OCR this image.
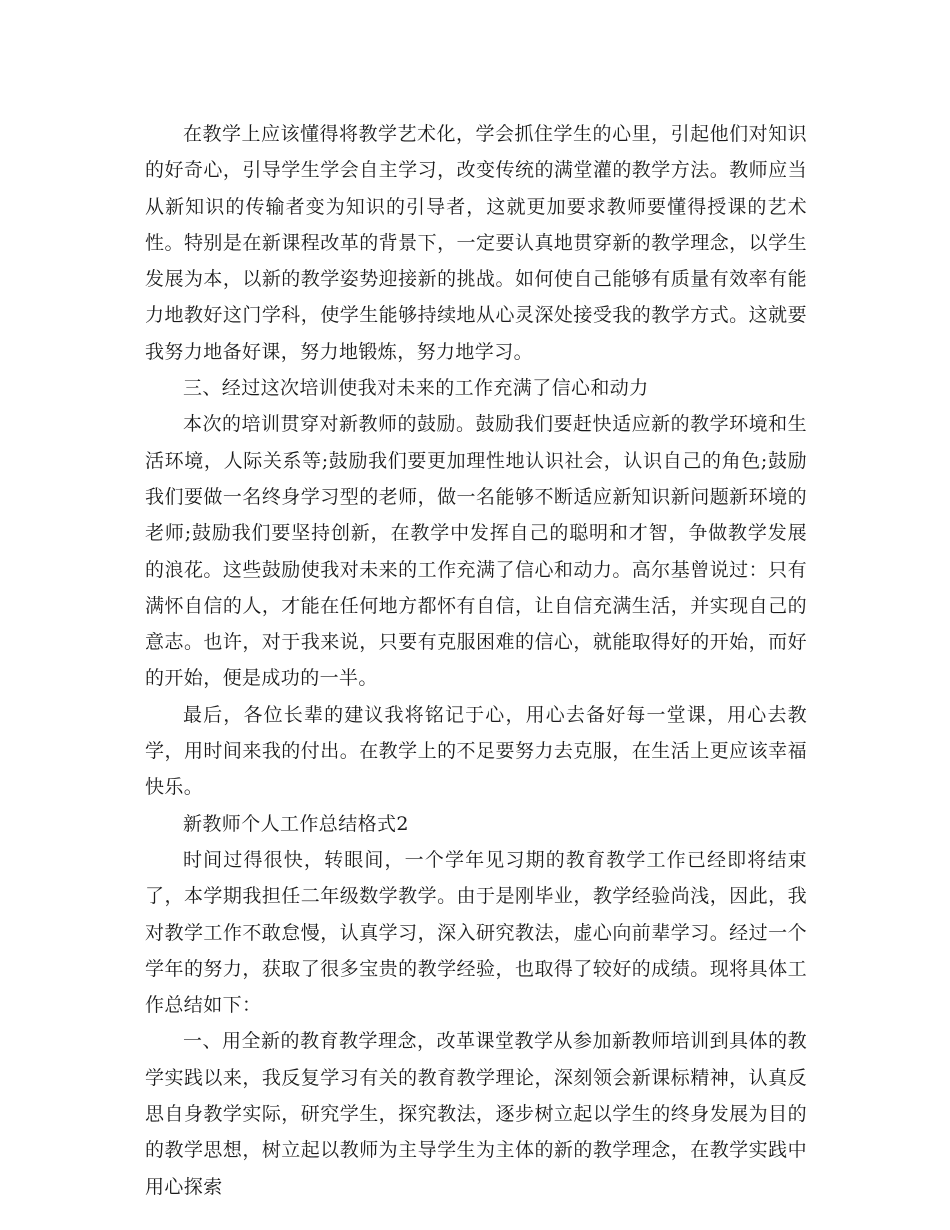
在教学上应该懂得将教学艺术化，学会抓住学生的心里，引起他们对知识的好奇心，引导学生学会自主学习，改变传统的满堂灌的教学方法。教师应当从新知识的传输者变为知识的引导者，这就更加要求教师要懂得授课的艺术性。特别是在新课程改革的背景下，一定要认真地贯穿新的教学理念，以学生发展为本，以新的教学姿势迎接新的挑战。如何使自己能够有质量有效率有能力地教好这门学科，使学生能够持续地从心灵深处接受我的教学方式。这就要我努力地备好课，努力地锻炼，努力地学习。

三、经过这次培训使我对未来的工作充满了信心和动力

本次的培训贯穿对新教师的鼓励。鼓励我们要赶快适应新的教学环境和生活环境，人际关系等;鼓励我们要更加理性地认识社会，认识自己的角色;鼓励我们要做一名终身学习型的老师，做一名能够不断适应新知识新问题新环境的老师;鼓励我们要坚持创新，在教学中发挥自己的聪明和才智，争做教学发展的浪花。这些鼓励使我对未来的工作充满了信心和动力。高尔基曾说过：只有满怀自信的人，才能在任何地方都怀有自信，让自信充满生活，并实现自己的意志。也许，对于我来说，只要有克服困难的信心，就能取得好的开始，而好的开始，便是成功的一半。

最后，各位长辈的建议我将铭记于心，用心去备好每一堂课，用心去教学，用时间来我的付出。在教学上的不足要努力去克服，在生活上更应该幸福快乐。

新教师个人工作总结格式2

时间过得很快，转眼间，一个学年见习期的教育教学工作已经即将结束了，本学期我担任二年级数学教学。由于是刚毕业，教学经验尚浅，因此，我对教学工作不敢怠慢，认真学习，深入研究教法，虚心向前辈学习。经过一个学年的努力，获取了很多宝贵的教学经验，也取得了较好的成绩。现将具体工作总结如下：

一、用全新的教育教学理念，改革课堂教学从参加新教师培训到具体的教学实践以来，我反复学习有关的教育教学理论，深刻领会新课标精神，认真反思自身教学实际，研究学生，探究教法，逐步树立起以学生的终身发展为目的的教学思想，树立起以教师为主导学生为主体的新的教学理念，在教学实践中用心探索
